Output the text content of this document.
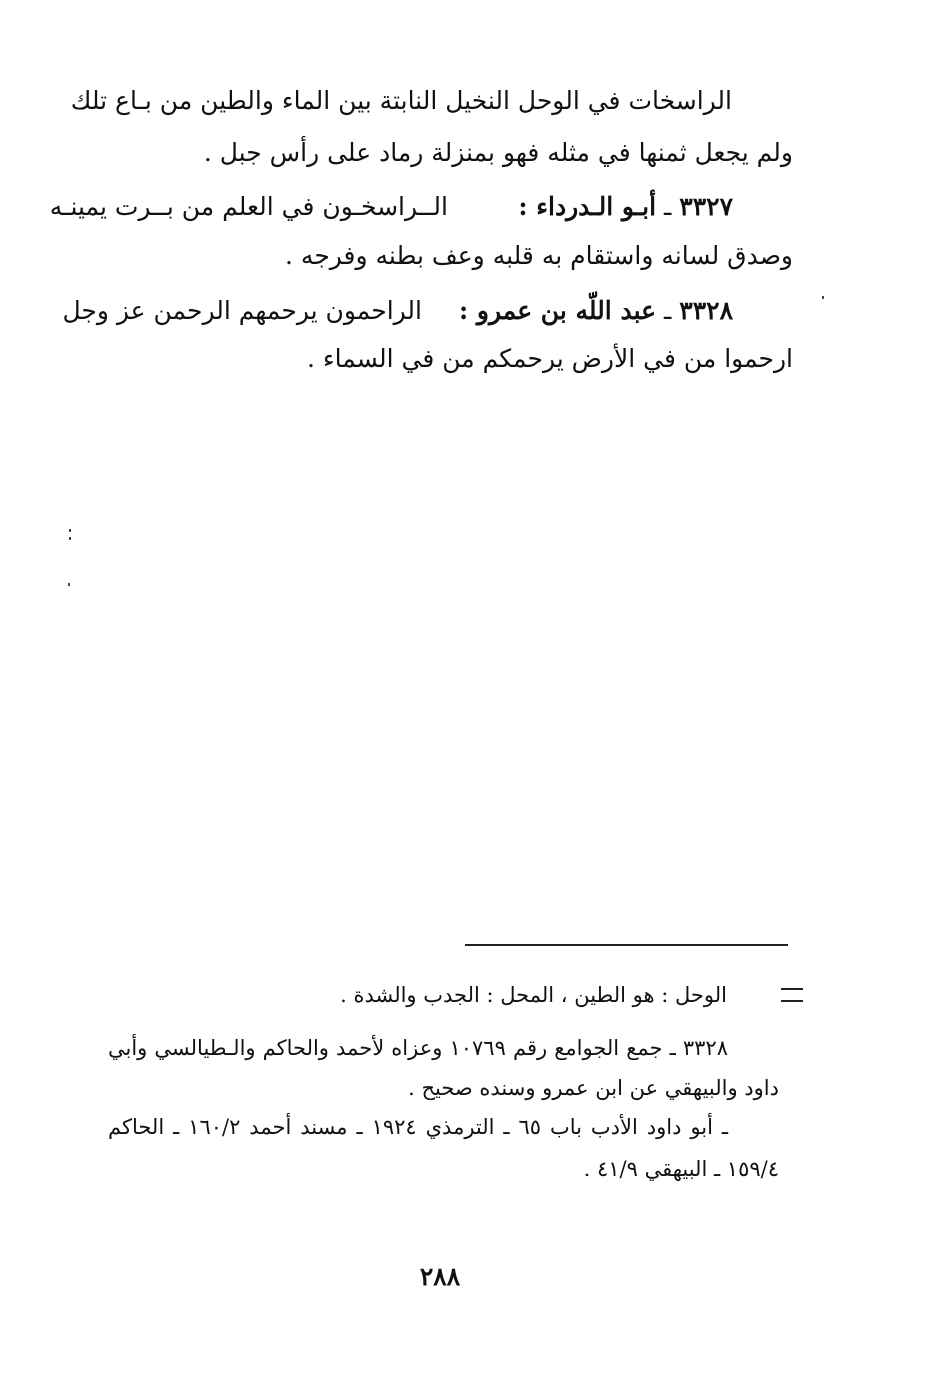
الراسخات في الوحل النخيل النابتة بين الماء والطين من بـاع تلك
ولم يجعل ثمنها في مثله فهو بمنزلة رماد على رأس جبل .
٣٣٢٧ ـ أبـو الـدرداء :
الــراسخـون في العلم من بــرت يمينـه
وصدق لسانه واستقام به قلبه وعف بطنه وفرجه .
٣٣٢٨ ـ عبد اللّه بن عمرو :
الراحمون يرحمهم الرحمن عز وجل
ارحموا من في الأرض يرحمكم من في السماء .
الوحل : هو الطين ، المحل : الجدب والشدة .
٣٣٢٨ ـ جمع الجوامع رقم ١٠٧٦٩ وعزاه لأحمد والحاكم والـطيالسي وأبي
داود والبيهقي عن ابن عمرو وسنده صحيح .
ـ أبو داود الأدب باب ٦٥ ـ الترمذي ١٩٢٤ ـ مسند أحمد ١٦٠/٢ ـ الحاكم
١٥٩/٤ ـ البيهقي ٤١/٩ .
٢٨٨
